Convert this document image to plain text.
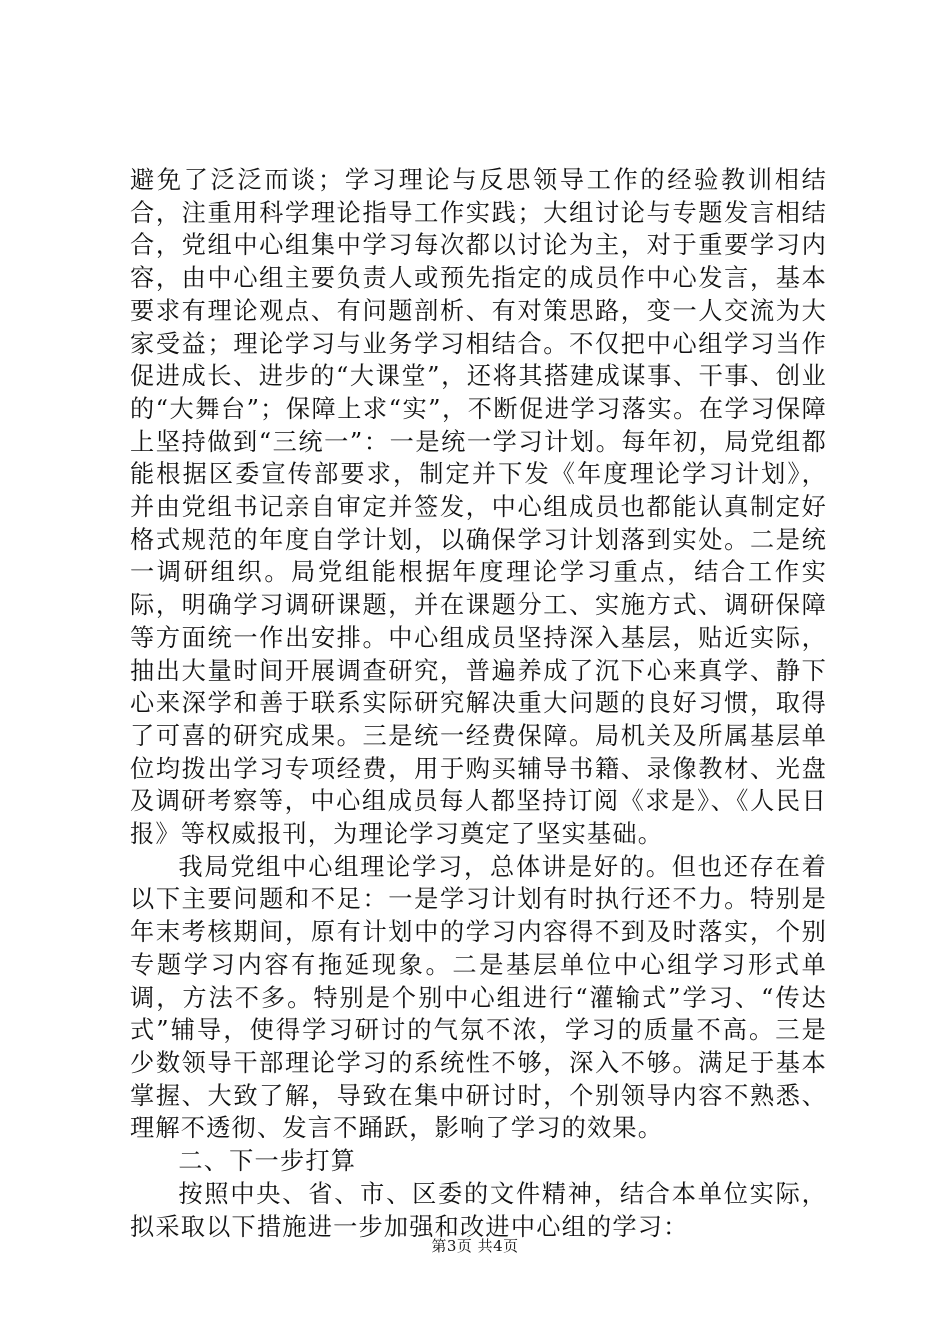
避免了泛泛而谈；学习理论与反思领导工作的经验教训相结合，注重用科学理论指导工作实践；大组讨论与专题发言相结合，党组中心组集中学习每次都以讨论为主，对于重要学习内容，由中心组主要负责人或预先指定的成员作中心发言，基本要求有理论观点、有问题剖析、有对策思路，变一人交流为大家受益；理论学习与业务学习相结合。不仅把中心组学习当作促进成长、进步的“大课堂”，还将其搭建成谋事、干事、创业的“大舞台”；保障上求“实”，不断促进学习落实。在学习保障上坚持做到“三统一”：一是统一学习计划。每年初，局党组都能根据区委宣传部要求，制定并下发《年度理论学习计划》，并由党组书记亲自审定并签发，中心组成员也都能认真制定好格式规范的年度自学计划，以确保学习计划落到实处。二是统一调研组织。局党组能根据年度理论学习重点，结合工作实际，明确学习调研课题，并在课题分工、实施方式、调研保障等方面统一作出安排。中心组成员坚持深入基层，贴近实际，抽出大量时间开展调查研究，普遍养成了沉下心来真学、静下心来深学和善于联系实际研究解决重大问题的良好习惯，取得了可喜的研究成果。三是统一经费保障。局机关及所属基层单位均拨出学习专项经费，用于购买辅导书籍、录像教材、光盘及调研考察等，中心组成员每人都坚持订阅《求是》、《人民日报》等权威报刊，为理论学习奠定了坚实基础。

我局党组中心组理论学习，总体讲是好的。但也还存在着以下主要问题和不足：一是学习计划有时执行还不力。特别是年末考核期间，原有计划中的学习内容得不到及时落实，个别专题学习内容有拖延现象。二是基层单位中心组学习形式单调，方法不多。特别是个别中心组进行“灌输式”学习、“传达式”辅导，使得学习研讨的气氛不浓，学习的质量不高。三是少数领导干部理论学习的系统性不够，深入不够。满足于基本掌握、大致了解，导致在集中研讨时，个别领导内容不熟悉、理解不透彻、发言不踊跃，影响了学习的效果。

二、下一步打算

按照中央、省、市、区委的文件精神，结合本单位实际，拟采取以下措施进一步加强和改进中心组的学习：

第3页 共4页
